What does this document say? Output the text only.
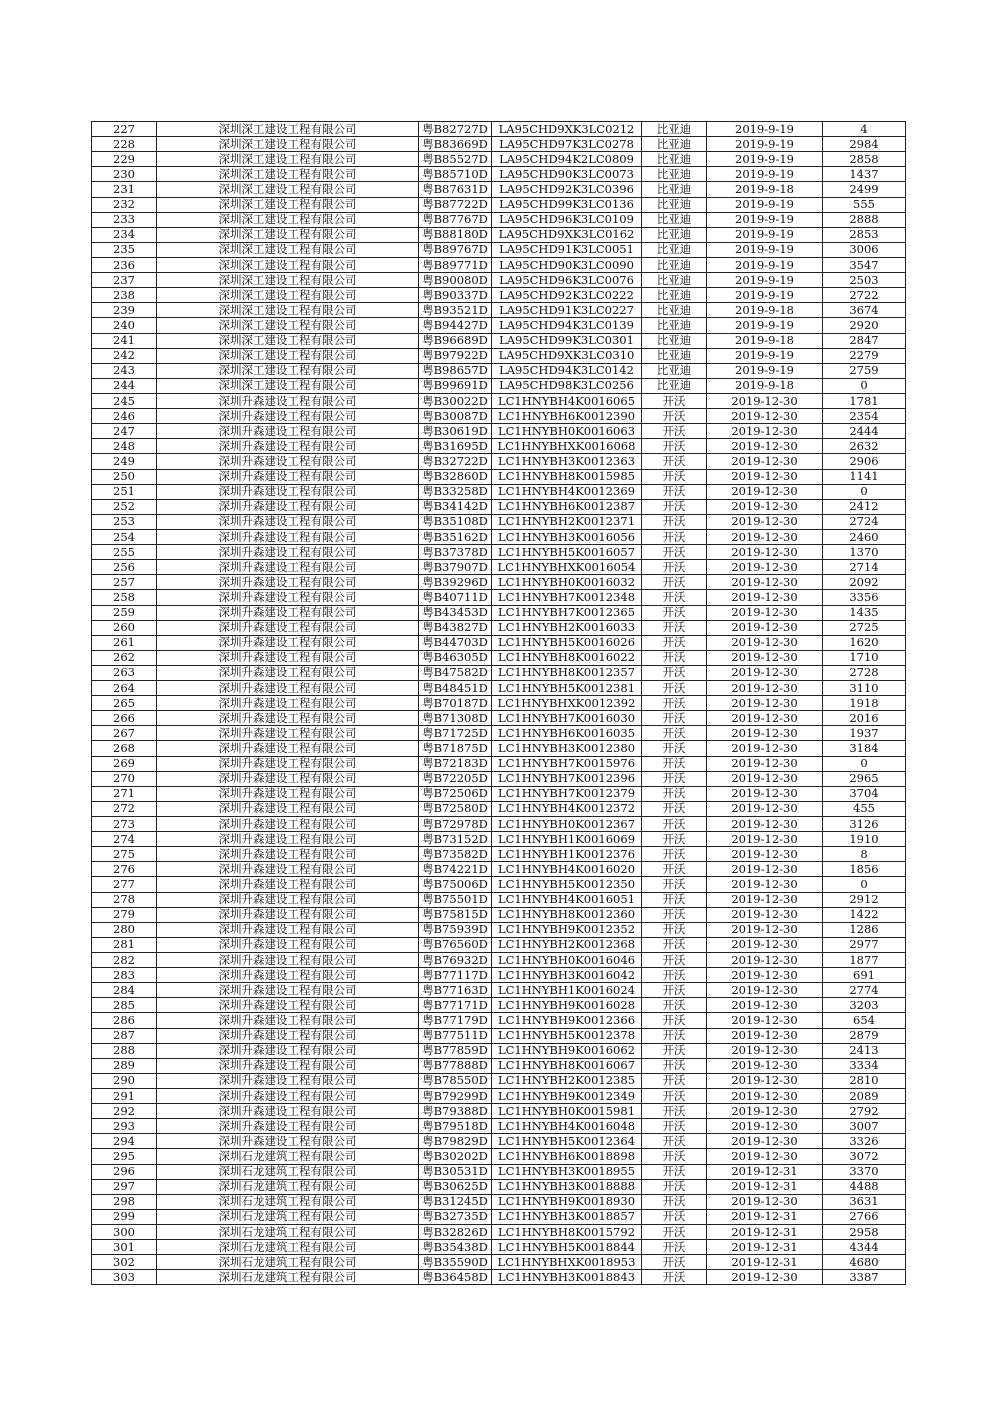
227	深圳深工建设工程有限公司	粤B82727D	LA95CHD9XK3LC0212	比亚迪	2019-9-19	4
228	深圳深工建设工程有限公司	粤B83669D	LA95CHD97K3LC0278	比亚迪	2019-9-19	2984
229	深圳深工建设工程有限公司	粤B85527D	LA95CHD94K2LC0809	比亚迪	2019-9-19	2858
230	深圳深工建设工程有限公司	粤B85710D	LA95CHD90K3LC0073	比亚迪	2019-9-19	1437
231	深圳深工建设工程有限公司	粤B87631D	LA95CHD92K3LC0396	比亚迪	2019-9-18	2499
232	深圳深工建设工程有限公司	粤B87722D	LA95CHD99K3LC0136	比亚迪	2019-9-19	555
233	深圳深工建设工程有限公司	粤B87767D	LA95CHD96K3LC0109	比亚迪	2019-9-19	2888
234	深圳深工建设工程有限公司	粤B88180D	LA95CHD9XK3LC0162	比亚迪	2019-9-19	2853
235	深圳深工建设工程有限公司	粤B89767D	LA95CHD91K3LC0051	比亚迪	2019-9-19	3006
236	深圳深工建设工程有限公司	粤B89771D	LA95CHD90K3LC0090	比亚迪	2019-9-19	3547
237	深圳深工建设工程有限公司	粤B90080D	LA95CHD96K3LC0076	比亚迪	2019-9-19	2503
238	深圳深工建设工程有限公司	粤B90337D	LA95CHD92K3LC0222	比亚迪	2019-9-19	2722
239	深圳深工建设工程有限公司	粤B93521D	LA95CHD91K3LC0227	比亚迪	2019-9-18	3674
240	深圳深工建设工程有限公司	粤B94427D	LA95CHD94K3LC0139	比亚迪	2019-9-19	2920
241	深圳深工建设工程有限公司	粤B96689D	LA95CHD99K3LC0301	比亚迪	2019-9-18	2847
242	深圳深工建设工程有限公司	粤B97922D	LA95CHD9XK3LC0310	比亚迪	2019-9-19	2279
243	深圳深工建设工程有限公司	粤B98657D	LA95CHD94K3LC0142	比亚迪	2019-9-19	2759
244	深圳深工建设工程有限公司	粤B99691D	LA95CHD98K3LC0256	比亚迪	2019-9-18	0
245	深圳升森建设工程有限公司	粤B30022D	LC1HNYBH4K0016065	开沃	2019-12-30	1781
246	深圳升森建设工程有限公司	粤B30087D	LC1HNYBH6K0012390	开沃	2019-12-30	2354
247	深圳升森建设工程有限公司	粤B30619D	LC1HNYBH0K0016063	开沃	2019-12-30	2444
248	深圳升森建设工程有限公司	粤B31695D	LC1HNYBHXK0016068	开沃	2019-12-30	2632
249	深圳升森建设工程有限公司	粤B32722D	LC1HNYBH3K0012363	开沃	2019-12-30	2906
250	深圳升森建设工程有限公司	粤B32860D	LC1HNYBH8K0015985	开沃	2019-12-30	1141
251	深圳升森建设工程有限公司	粤B33258D	LC1HNYBH4K0012369	开沃	2019-12-30	0
252	深圳升森建设工程有限公司	粤B34142D	LC1HNYBH6K0012387	开沃	2019-12-30	2412
253	深圳升森建设工程有限公司	粤B35108D	LC1HNYBH2K0012371	开沃	2019-12-30	2724
254	深圳升森建设工程有限公司	粤B35162D	LC1HNYBH3K0016056	开沃	2019-12-30	2460
255	深圳升森建设工程有限公司	粤B37378D	LC1HNYBH5K0016057	开沃	2019-12-30	1370
256	深圳升森建设工程有限公司	粤B37907D	LC1HNYBHXK0016054	开沃	2019-12-30	2714
257	深圳升森建设工程有限公司	粤B39296D	LC1HNYBH0K0016032	开沃	2019-12-30	2092
258	深圳升森建设工程有限公司	粤B40711D	LC1HNYBH7K0012348	开沃	2019-12-30	3356
259	深圳升森建设工程有限公司	粤B43453D	LC1HNYBH7K0012365	开沃	2019-12-30	1435
260	深圳升森建设工程有限公司	粤B43827D	LC1HNYBH2K0016033	开沃	2019-12-30	2725
261	深圳升森建设工程有限公司	粤B44703D	LC1HNYBH5K0016026	开沃	2019-12-30	1620
262	深圳升森建设工程有限公司	粤B46305D	LC1HNYBH8K0016022	开沃	2019-12-30	1710
263	深圳升森建设工程有限公司	粤B47582D	LC1HNYBH8K0012357	开沃	2019-12-30	2728
264	深圳升森建设工程有限公司	粤B48451D	LC1HNYBH5K0012381	开沃	2019-12-30	3110
265	深圳升森建设工程有限公司	粤B70187D	LC1HNYBHXK0012392	开沃	2019-12-30	1918
266	深圳升森建设工程有限公司	粤B71308D	LC1HNYBH7K0016030	开沃	2019-12-30	2016
267	深圳升森建设工程有限公司	粤B71725D	LC1HNYBH6K0016035	开沃	2019-12-30	1937
268	深圳升森建设工程有限公司	粤B71875D	LC1HNYBH3K0012380	开沃	2019-12-30	3184
269	深圳升森建设工程有限公司	粤B72183D	LC1HNYBH7K0015976	开沃	2019-12-30	0
270	深圳升森建设工程有限公司	粤B72205D	LC1HNYBH7K0012396	开沃	2019-12-30	2965
271	深圳升森建设工程有限公司	粤B72506D	LC1HNYBH7K0012379	开沃	2019-12-30	3704
272	深圳升森建设工程有限公司	粤B72580D	LC1HNYBH4K0012372	开沃	2019-12-30	455
273	深圳升森建设工程有限公司	粤B72978D	LC1HNYBH0K0012367	开沃	2019-12-30	3126
274	深圳升森建设工程有限公司	粤B73152D	LC1HNYBH1K0016069	开沃	2019-12-30	1910
275	深圳升森建设工程有限公司	粤B73582D	LC1HNYBH1K0012376	开沃	2019-12-30	8
276	深圳升森建设工程有限公司	粤B74221D	LC1HNYBH4K0016020	开沃	2019-12-30	1856
277	深圳升森建设工程有限公司	粤B75006D	LC1HNYBH5K0012350	开沃	2019-12-30	0
278	深圳升森建设工程有限公司	粤B75501D	LC1HNYBH4K0016051	开沃	2019-12-30	2912
279	深圳升森建设工程有限公司	粤B75815D	LC1HNYBH8K0012360	开沃	2019-12-30	1422
280	深圳升森建设工程有限公司	粤B75939D	LC1HNYBH9K0012352	开沃	2019-12-30	1286
281	深圳升森建设工程有限公司	粤B76560D	LC1HNYBH2K0012368	开沃	2019-12-30	2977
282	深圳升森建设工程有限公司	粤B76932D	LC1HNYBH0K0016046	开沃	2019-12-30	1877
283	深圳升森建设工程有限公司	粤B77117D	LC1HNYBH3K0016042	开沃	2019-12-30	691
284	深圳升森建设工程有限公司	粤B77163D	LC1HNYBH1K0016024	开沃	2019-12-30	2774
285	深圳升森建设工程有限公司	粤B77171D	LC1HNYBH9K0016028	开沃	2019-12-30	3203
286	深圳升森建设工程有限公司	粤B77179D	LC1HNYBH9K0012366	开沃	2019-12-30	654
287	深圳升森建设工程有限公司	粤B77511D	LC1HNYBH5K0012378	开沃	2019-12-30	2879
288	深圳升森建设工程有限公司	粤B77859D	LC1HNYBH9K0016062	开沃	2019-12-30	2413
289	深圳升森建设工程有限公司	粤B77888D	LC1HNYBH8K0016067	开沃	2019-12-30	3334
290	深圳升森建设工程有限公司	粤B78550D	LC1HNYBH2K0012385	开沃	2019-12-30	2810
291	深圳升森建设工程有限公司	粤B79299D	LC1HNYBH9K0012349	开沃	2019-12-30	2089
292	深圳升森建设工程有限公司	粤B79388D	LC1HNYBH0K0015981	开沃	2019-12-30	2792
293	深圳升森建设工程有限公司	粤B79518D	LC1HNYBH4K0016048	开沃	2019-12-30	3007
294	深圳升森建设工程有限公司	粤B79829D	LC1HNYBH5K0012364	开沃	2019-12-30	3326
295	深圳石龙建筑工程有限公司	粤B30202D	LC1HNYBH6K0018898	开沃	2019-12-30	3072
296	深圳石龙建筑工程有限公司	粤B30531D	LC1HNYBH3K0018955	开沃	2019-12-31	3370
297	深圳石龙建筑工程有限公司	粤B30625D	LC1HNYBH3K0018888	开沃	2019-12-31	4488
298	深圳石龙建筑工程有限公司	粤B31245D	LC1HNYBH9K0018930	开沃	2019-12-30	3631
299	深圳石龙建筑工程有限公司	粤B32735D	LC1HNYBH3K0018857	开沃	2019-12-31	2766
300	深圳石龙建筑工程有限公司	粤B32826D	LC1HNYBH8K0015792	开沃	2019-12-31	2958
301	深圳石龙建筑工程有限公司	粤B35438D	LC1HNYBH5K0018844	开沃	2019-12-31	4344
302	深圳石龙建筑工程有限公司	粤B35590D	LC1HNYBHXK0018953	开沃	2019-12-31	4680
303	深圳石龙建筑工程有限公司	粤B36458D	LC1HNYBH3K0018843	开沃	2019-12-30	3387
